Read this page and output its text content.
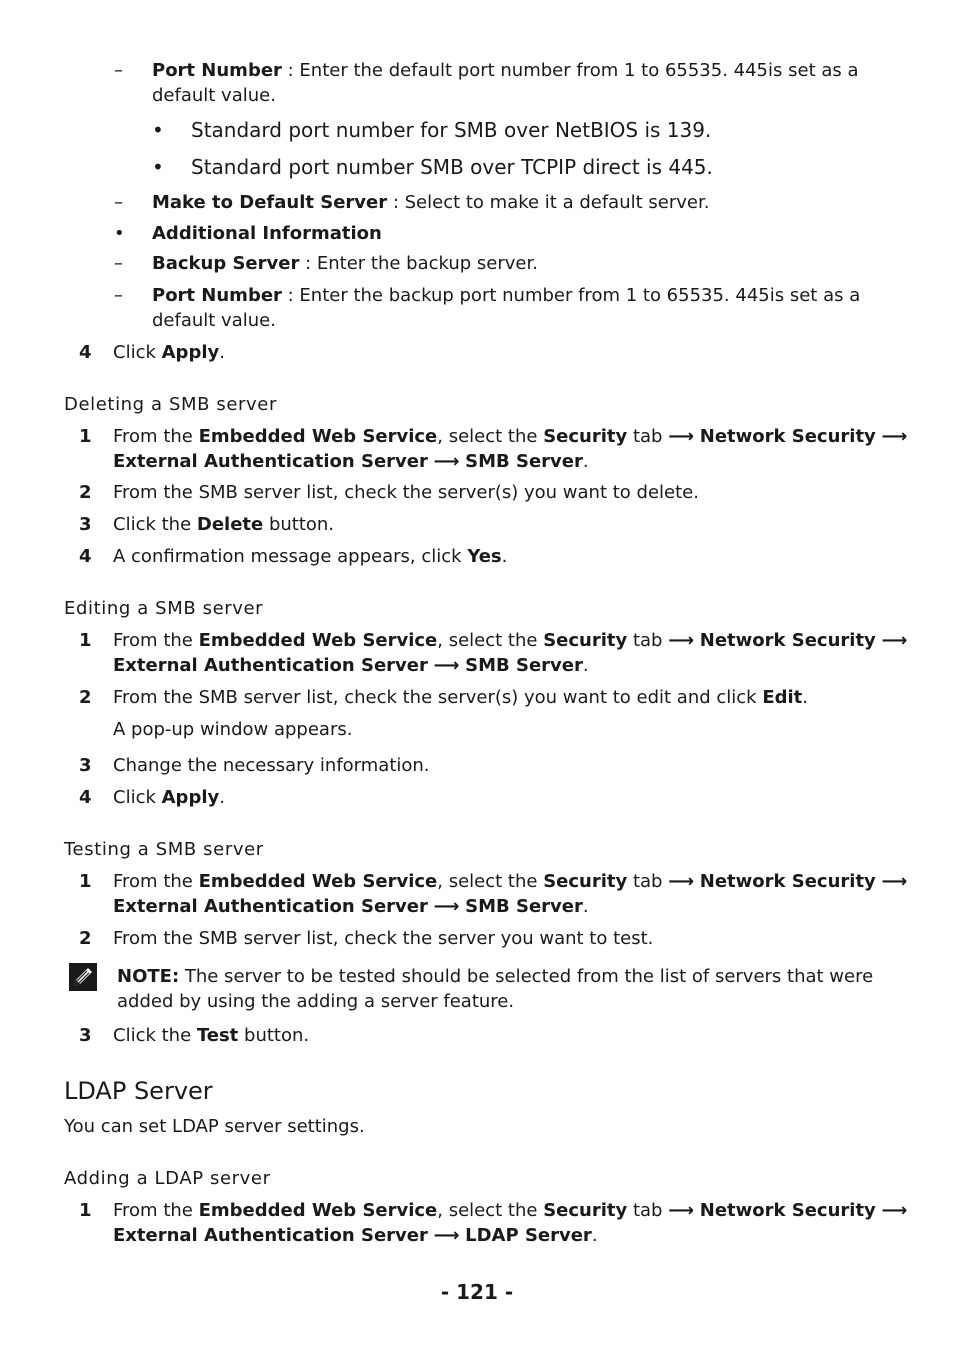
–	Port Number : Enter the default port number from 1 to 65535. 445is set as a
default value.
• Standard port number for SMB over NetBIOS is 139.
• Standard port number SMB over TCPIP direct is 445.
–	Make to Default Server : Select to make it a default server.
• Additional Information
–	Backup Server : Enter the backup server.
–	Port Number : Enter the backup port number from 1 to 65535. 445is set as a
default value.
4 Click Apply.
Deleting a SMB server
1 From the Embedded Web Service, select the Security tab ⟶ Network Security ⟶
External Authentication Server ⟶ SMB Server.
2 From the SMB server list, check the server(s) you want to delete.
3 Click the Delete button.
4 A confirmation message appears, click Yes.
Editing a SMB server
1 From the Embedded Web Service, select the Security tab ⟶ Network Security ⟶
External Authentication Server ⟶ SMB Server.
2 From the SMB server list, check the server(s) you want to edit and click Edit.
A pop-up window appears.
3 Change the necessary information.
4 Click Apply.
Testing a SMB server
1 From the Embedded Web Service, select the Security tab ⟶ Network Security ⟶
External Authentication Server ⟶ SMB Server.
2 From the SMB server list, check the server you want to test.
NOTE: The server to be tested should be selected from the list of servers that were
added by using the adding a server feature.
3 Click the Test button.
LDAP Server
You can set LDAP server settings.
Adding a LDAP server
1 From the Embedded Web Service, select the Security tab ⟶ Network Security ⟶
External Authentication Server ⟶ LDAP Server.
- 121 -
